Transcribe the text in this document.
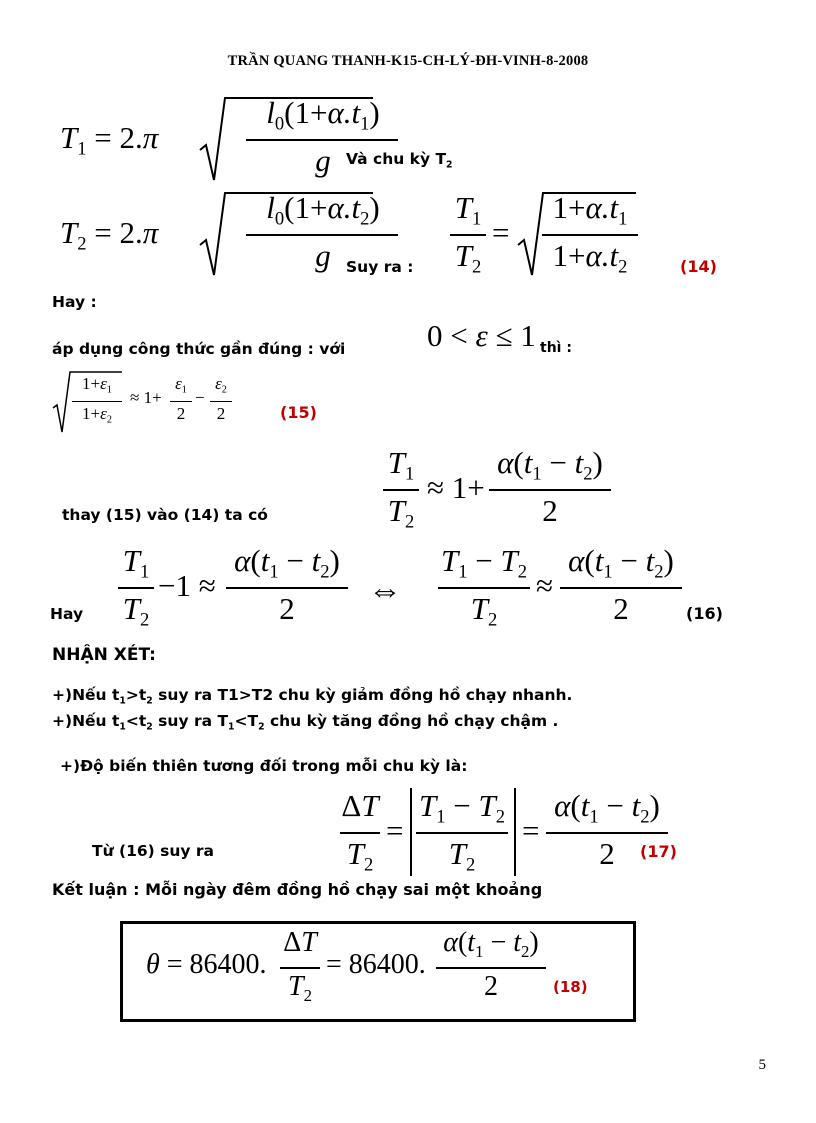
TRẦN QUANG THANH-K15-CH-LÝ-ĐH-VINH-8-2008
$T_1 = 2.\pi$
$l_0(1+\alpha.t_1)$
g Và chu kỳ $T_2$
$T_2 = 2.\pi$
$l_0(1+\alpha.t_2)$
g Suy ra :
$T_1$
$T_2$
=
$1+\alpha.t_1$
$1+\alpha.t_2$	(14)
Hay :
áp dụng công thức gần đúng : với	0 < ε ≤ 1 thì :
$1+\varepsilon_1$
$1+\varepsilon_2$
≈ 1+
$\varepsilon_1$
2
−
$\varepsilon_2$
2	(15)
$T_1$
$T_2$
≈ 1+
$\alpha(t_1 - t_2)$
2
thay (15) vào (14) ta có
Hay
$T_1$
$T_2$
−1 ≈
$\alpha(t_1 - t_2)$
2	⇔
$T_1 - T_2$
$T_2$
≈
$\alpha(t_1 - t_2)$
2	(16)
NHẬN XÉT:
+)Nếu $t_1>t_2$ suy ra T1>T2 chu kỳ giảm đồng hồ chạy nhanh.
+)Nếu $t_1<t_2$ suy ra $T_1<T_2$ chu kỳ tăng đồng hồ chạy chậm .
+)Độ biến thiên tương đối trong mỗi chu kỳ là:
Từ (16) suy ra
ΔT
$T_2$
=
$T_1 - T_2$
$T_2$
=
$\alpha(t_1 - t_2)$
2	(17)
Kết luận : Mỗi ngày đêm đồng hồ chạy sai một khoảng
θ = 86400.
ΔT
$T_2$
= 86400.
$\alpha(t_1 - t_2)$
2	(18)
5
